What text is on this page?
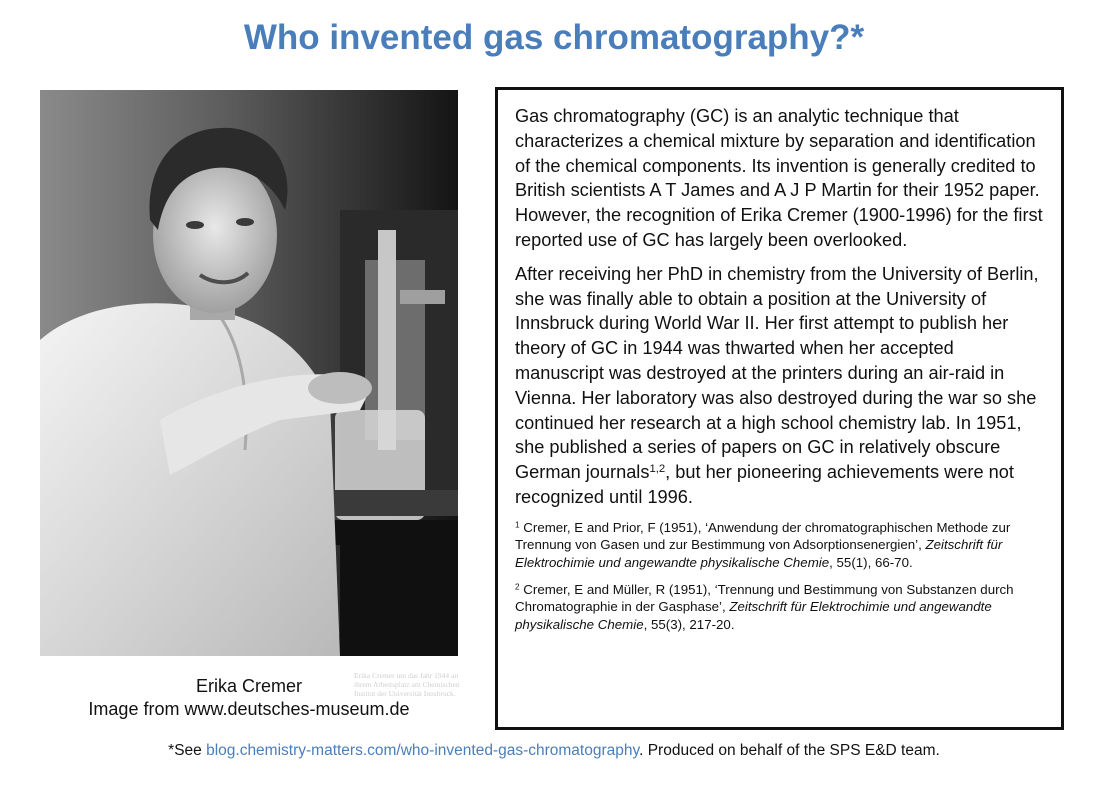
Who invented gas chromatography?*
Erika Cremer um das Jahr 1944 an ihrem Arbeitsplatz am Chemischen Institut der Universität Innsbruck.
Erika Cremer
Image from www.deutsches-museum.de

Gas chromatography (GC) is an analytic technique that characterizes a chemical mixture by separation and identification of the chemical components. Its invention is generally credited to British scientists A T James and A J P Martin for their 1952 paper. However, the recognition of Erika Cremer (1900-1996) for the first reported use of GC has largely been overlooked.

After receiving her PhD in chemistry from the University of Berlin, she was finally able to obtain a position at the University of Innsbruck during World War II. Her first attempt to publish her theory of GC in 1944 was thwarted when her accepted manuscript was destroyed at the printers during an air-raid in Vienna. Her laboratory was also destroyed during the war so she continued her research at a high school chemistry lab. In 1951, she published a series of papers on GC in relatively obscure German journals$^{1,2}$, but her pioneering achievements were not recognized until 1996.

$^1$ Cremer, E and Prior, F (1951), ‘Anwendung der chromatographischen Methode zur Trennung von Gasen und zur Bestimmung von Adsorptionsenergien’, Zeitschrift für Elektrochimie und angewandte physikalische Chemie, 55(1), 66-70.

$^2$ Cremer, E and Müller, R (1951), ‘Trennung und Bestimmung von Substanzen durch Chromatographie in der Gasphase’, Zeitschrift für Elektrochimie und angewandte physikalische Chemie, 55(3), 217-20.

*See blog.chemistry-matters.com/who-invented-gas-chromatography. Produced on behalf of the SPS E&D team.
